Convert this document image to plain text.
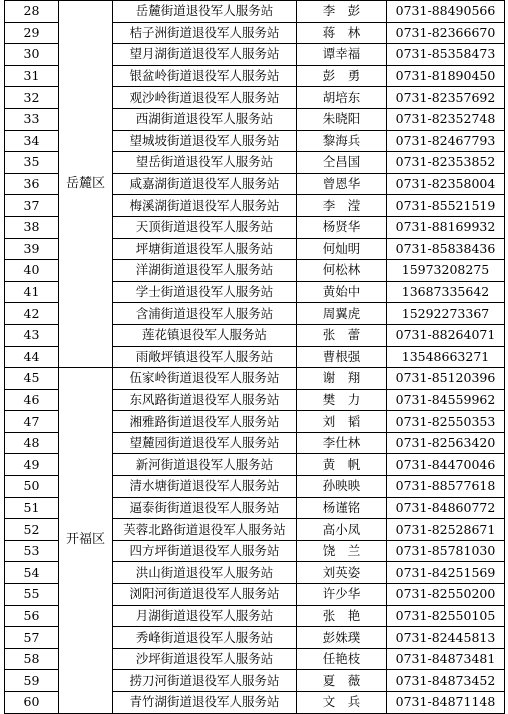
28	岳麓区	岳麓街道退役军人服务站	李　彭	0731-88490566
29		桔子洲街道退役军人服务站	蒋　林	0731-82366670
30		望月湖街道退役军人服务站	谭幸福	0731-85358473
31		银盆岭街道退役军人服务站	彭　勇	0731-81890450
32		观沙岭街道退役军人服务站	胡培东	0731-82357692
33		西湖街道退役军人服务站	朱晓阳	0731-82352748
34		望城坡街道退役军人服务站	黎海兵	0731-82467793
35		望岳街道退役军人服务站	仝昌国	0731-82353852
36		咸嘉湖街道退役军人服务站	曾恩华	0731-82358004
37		梅溪湖街道退役军人服务站	李　滢	0731-85521519
38		天顶街道退役军人服务站	杨贤华	0731-88169932
39		坪塘街道退役军人服务站	何灿明	0731-85838436
40		洋湖街道退役军人服务站	何松林	15973208275
41		学士街道退役军人服务站	黄始中	13687335642
42		含浦街道退役军人服务站	周翼虎	15292273367
43		莲花镇退役军人服务站	张　蕾	0731-88264071
44		雨敞坪镇退役军人服务站	曹根强	13548663271
45	开福区	伍家岭街道退役军人服务站	谢　翔	0731-85120396
46		东风路街道退役军人服务站	樊　力	0731-84559962
47		湘雅路街道退役军人服务站	刘　韬	0731-82550353
48		望麓园街道退役军人服务站	李仕林	0731-82563420
49		新河街道退役军人服务站	黄　帆	0731-84470046
50		清水塘街道退役军人服务站	孙映映	0731-88577618
51		逼泰街街道退役军人服务站	杨谨铭	0731-84860772
52		芙蓉北路街道退役军人服务站	高小凤	0731-82528671
53		四方坪街道退役军人服务站	饶　兰	0731-85781030
54		洪山街道退役军人服务站	刘英姿	0731-84251569
55		浏阳河街道退役军人服务站	许少华	0731-82550200
56		月湖街道退役军人服务站	张　艳	0731-82550105
57		秀峰街道退役军人服务站	彭姝璞	0731-82445813
58		沙坪街道退役军人服务站	任艳枝	0731-84873481
59		捞刀河街道退役军人服务站	夏　薇	0731-84873452
60		青竹湖街道退役军人服务站	文　兵	0731-84871148
